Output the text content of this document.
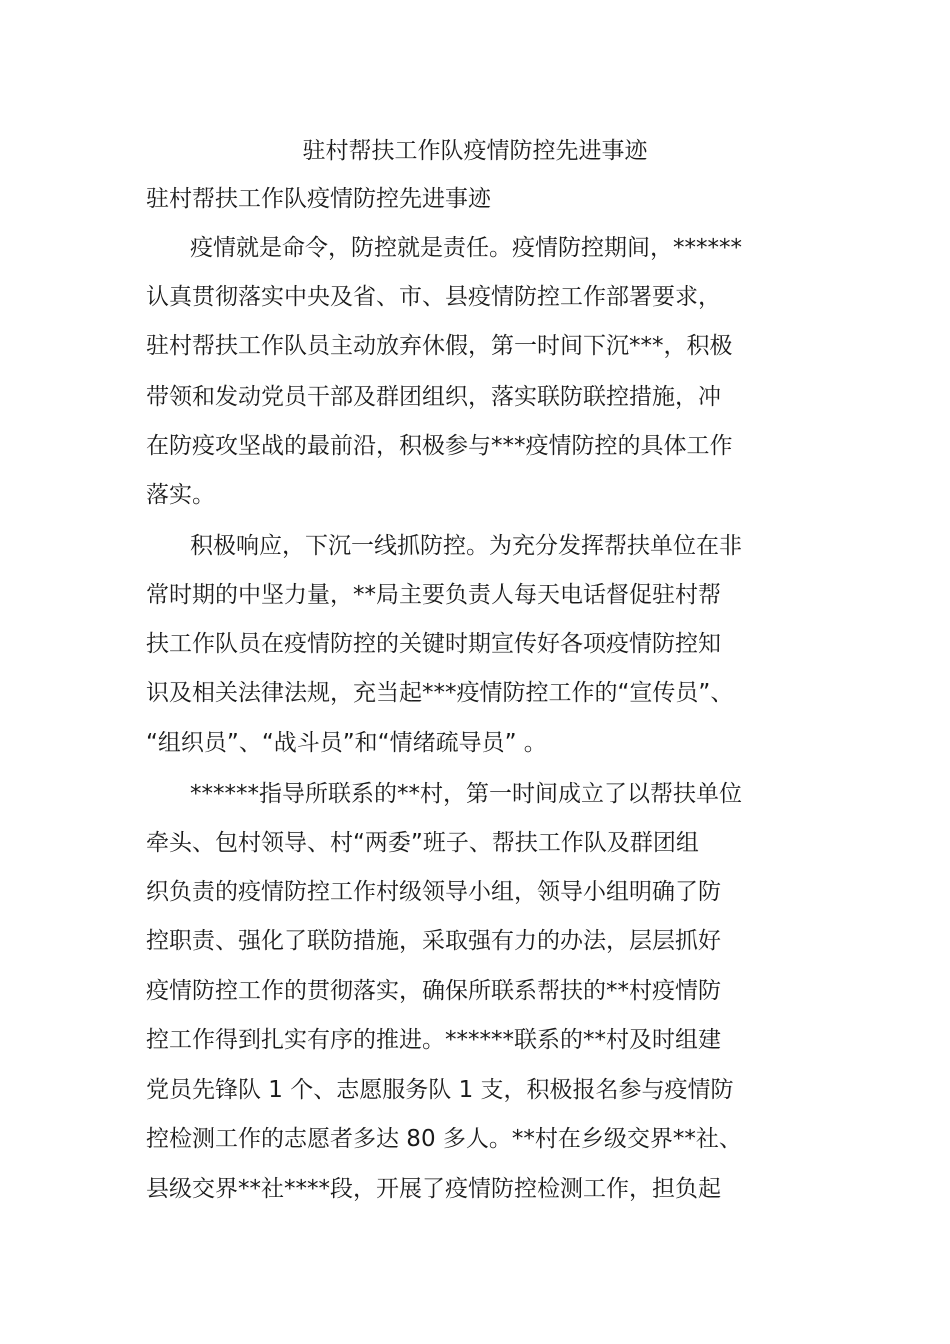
驻村帮扶工作队疫情防控先进事迹
驻村帮扶工作队疫情防控先进事迹
疫情就是命令，防控就是责任。疫情防控期间，******
认真贯彻落实中央及省、市、县疫情防控工作部署要求，
驻村帮扶工作队员主动放弃休假，第一时间下沉***，积极
带领和发动党员干部及群团组织，落实联防联控措施，冲
在防疫攻坚战的最前沿，积极参与***疫情防控的具体工作
落实。
积极响应，下沉一线抓防控。为充分发挥帮扶单位在非
常时期的中坚力量，**局主要负责人每天电话督促驻村帮
扶工作队员在疫情防控的关键时期宣传好各项疫情防控知
识及相关法律法规，充当起***疫情防控工作的“宣传员”、
“组织员”、“战斗员”和“情绪疏导员” 。
******指导所联系的**村，第一时间成立了以帮扶单位
牵头、包村领导、村“两委”班子、帮扶工作队及群团组
织负责的疫情防控工作村级领导小组，领导小组明确了防
控职责、强化了联防措施，采取强有力的办法，层层抓好
疫情防控工作的贯彻落实，确保所联系帮扶的**村疫情防
控工作得到扎实有序的推进。******联系的**村及时组建
党员先锋队 1 个、志愿服务队 1 支，积极报名参与疫情防
控检测工作的志愿者多达 80 多人。**村在乡级交界**社、
县级交界**社****段，开展了疫情防控检测工作，担负起
